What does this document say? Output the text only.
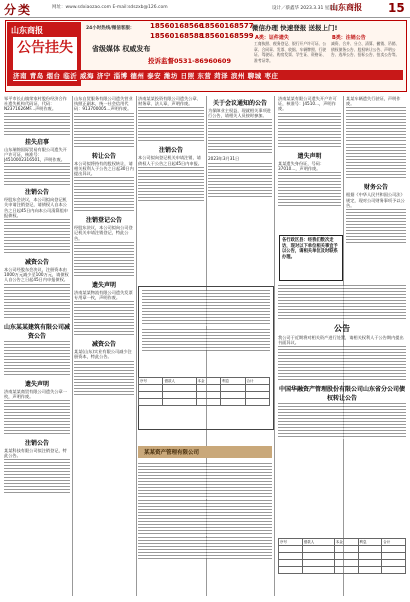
分类	网址：www.sdxiaozao.com E-mail:sdszxb@126.com	设计／蔡鑫华 2023.3.31 星期五
山东商报 15
山东商报
公告挂失
24小时热线/微信客服： 18560168566
18560168577
18560168588
18560168599
省级媒体 权威发布
投诉监督0531-86960609
微信办理 快速登报 送报上门!
A类：证件遗失	B类：注销公告
工商执照、税务登记、银行开户许可证、公章、合同章、发票、收据、车辆牌照、行驶证、驾驶证、购房发票、学生证、资格证、准考证等。
减资、合并、分立、清算、撤销、吊销、债权债务公告、股权转让公告、声明公告、选举公告、招标公告、拍卖公告等。
济南 青岛 烟台 临沂 威海 济宁 淄博 德州 泰安 潍坊 日照 东营 菏泽 滨州 聊城 枣庄

邹平市长山镇荣家村股份经济合作社遗失机构代码证，代码：N2371626MF...声明作废。

挂失启事

山东瑞锦国际贸易有限公司遗失开户许可证，核准号：J4510002316501，声明作废。

注销公告

经股东会决议，本公司拟向登记机关申请注销登记，请债权人自本公告之日起45日内向本公司清算组申报债权。

减资公告

本公司经股东会决议，注册资本由1000万元减少至100万元，请债权人自公告之日起45日内申报债权。

山东某某建筑有限公司减资公告
遗失声明

济南某某商贸有限公司遗失公章一枚，声明作废。

注销公告

某某科技有限公司拟注销登记，特此公告。

山东自贸服务有限公司遗失营业执照正副本，统一社会信用代码：913700005...声明作废。

转让公告

本公司拟将持有的股权转让，请相关权利人于公告之日起30日内提出异议。

注销登记公告

经股东决议，本公司拟向公司登记机关申请注销登记，特此公告。

遗失声明

济南某某物流有限公司遗失发票专用章一枚，声明作废。

减资公告

某某(山东)实业有限公司减少注册资本，特此公告。

济南某某投资有限公司遗失公章、财务章、法人章，声明作废。

注销公告

本公司拟向登记机关申请注销，请债权人于公告之日起45日内申报。

关于会议通知的公告

为保障业主权益，现就相关事项进行公告，请相关人员按时参加。

2023年3月31日

序号	借款人	本金	利息	合计

某某资产管理有限公司

济南某某有限公司遗失开户许可证，核准号：J4510...，声明作废。

遗失声明

某某遗失身份证，号码：37010...，声明作废。

各行政区县：经我们数次走访，现对以下单位相关事宜予以公告，请相关单位及时联系办理。

某某车辆遗失行驶证，声明作废。

财务公告

根据《中华人民共和国公司法》规定，现对公司财务事项予以公告。

公告

我公司于近期将对相关资产进行处置，请相关权利人于公告期内提出书面异议。

中国华融资产管理股份有限公司山东省分公司债权转让公告
序号	借款人	本金	利息	合计
